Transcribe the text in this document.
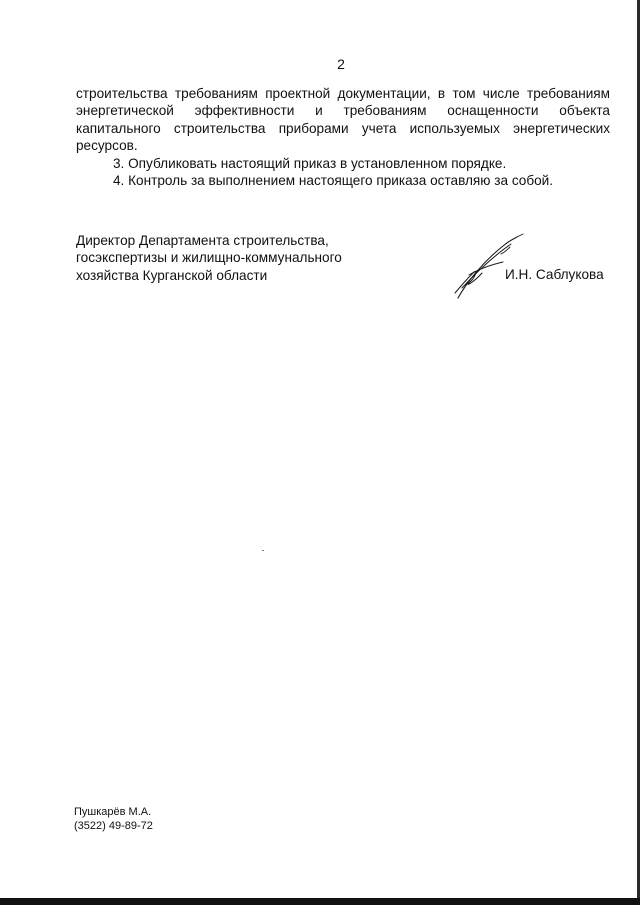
2

строительства требованиям проектной документации, в том числе требованиям энергетической эффективности и требованиям оснащенности объекта капитального строительства приборами учета используемых энергетических ресурсов.

3. Опубликовать настоящий приказ в установленном порядке.

4. Контроль за выполнением настоящего приказа оставляю за собой.

Директор Департамента строительства,
госэкспертизы и жилищно-коммунального
хозяйства Курганской области	И.Н. Саблукова
Пушкарёв М.А.
(3522) 49-89-72
